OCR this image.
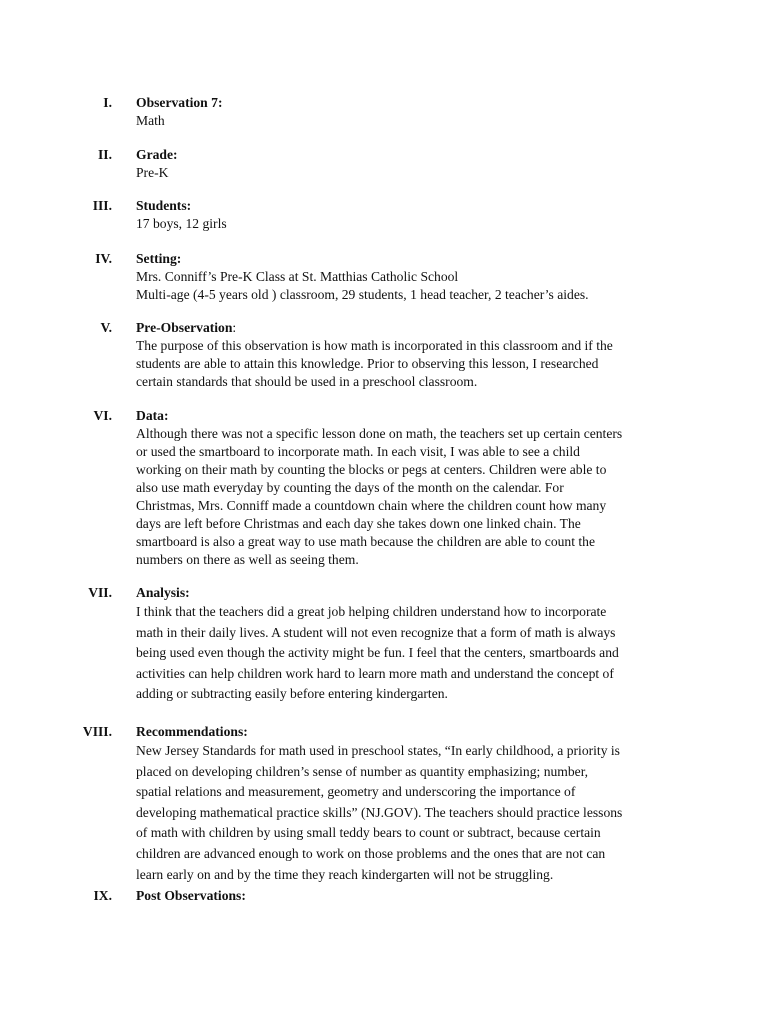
I. Observation 7:
Math
II. Grade:
Pre-K
III. Students:
17 boys, 12 girls
IV. Setting:
Mrs. Conniff’s Pre-K Class at St. Matthias Catholic School
Multi-age (4-5 years old ) classroom, 29 students, 1 head teacher, 2 teacher’s aides.
V. Pre-Observation:
The purpose of this observation is how math is incorporated in this classroom and if the
students are able to attain this knowledge. Prior to observing this lesson, I researched
certain standards that should be used in a preschool classroom.
VI. Data:
Although there was not a specific lesson done on math, the teachers set up certain centers
or used the smartboard to incorporate math. In each visit, I was able to see a child
working on their math by counting the blocks or pegs at centers. Children were able to
also use math everyday by counting the days of the month on the calendar. For
Christmas, Mrs. Conniff made a countdown chain where the children count how many
days are left before Christmas and each day she takes down one linked chain. The
smartboard is also a great way to use math because the children are able to count the
numbers on there as well as seeing them.
VII. Analysis:
I think that the teachers did a great job helping children understand how to incorporate
math in their daily lives. A student will not even recognize that a form of math is always
being used even though the activity might be fun. I feel that the centers, smartboards and
activities can help children work hard to learn more math and understand the concept of
adding or subtracting easily before entering kindergarten.
VIII. Recommendations:
New Jersey Standards for math used in preschool states, “In early childhood, a priority is
placed on developing children’s sense of number as quantity emphasizing; number,
spatial relations and measurement, geometry and underscoring the importance of
developing mathematical practice skills” (NJ.GOV). The teachers should practice lessons
of math with children by using small teddy bears to count or subtract, because certain
children are advanced enough to work on those problems and the ones that are not can
learn early on and by the time they reach kindergarten will not be struggling.
IX. Post Observations:
